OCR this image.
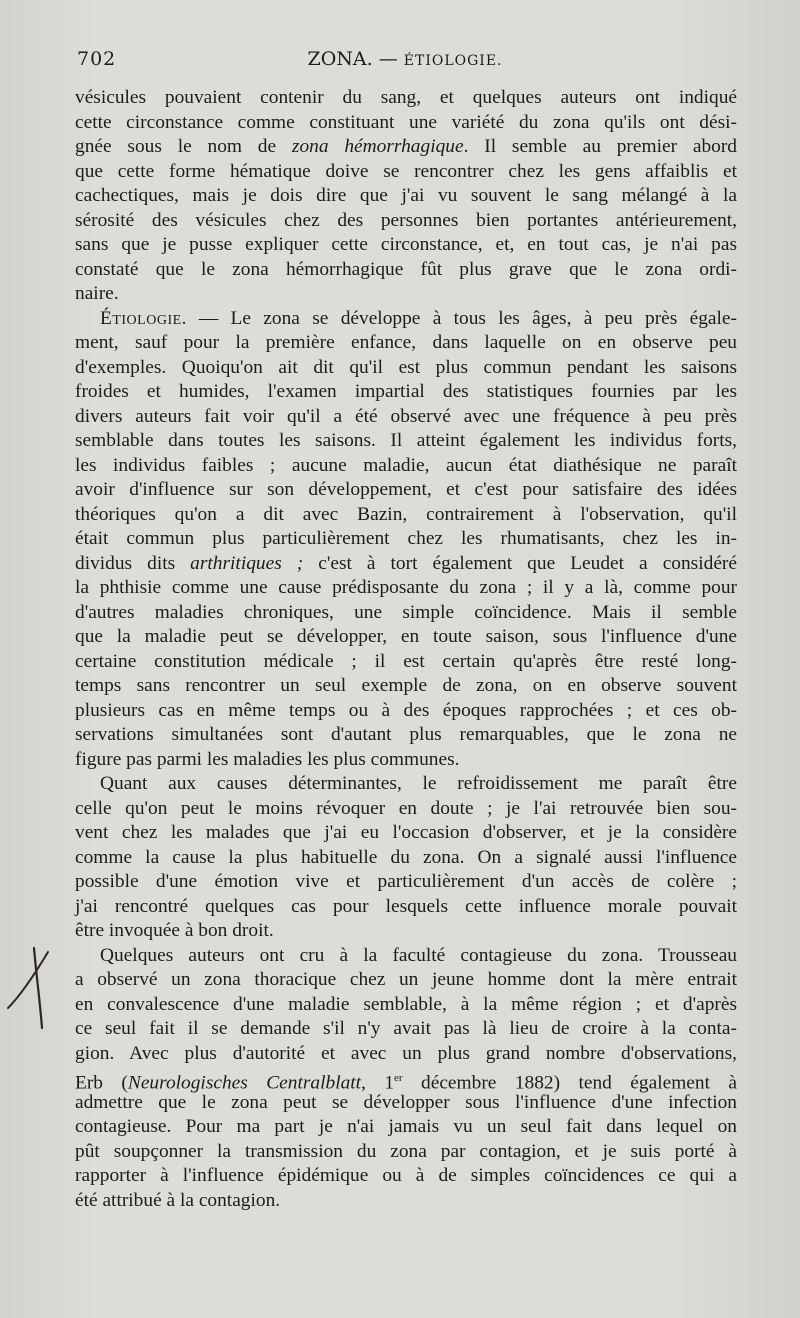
702	ZONA. — ÉTIOLOGIE.
vésicules pouvaient contenir du sang, et quelques auteurs ont indiqué
cette circonstance comme constituant une variété du zona qu'ils ont dési-
gnée sous le nom de zona hémorrhagique. Il semble au premier abord
que cette forme hématique doive se rencontrer chez les gens affaiblis et
cachectiques, mais je dois dire que j'ai vu souvent le sang mélangé à la
sérosité des vésicules chez des personnes bien portantes antérieurement,
sans que je pusse expliquer cette circonstance, et, en tout cas, je n'ai pas
constaté que le zona hémorrhagique fût plus grave que le zona ordi-
naire.
Étiologie. — Le zona se développe à tous les âges, à peu près égale-
ment, sauf pour la première enfance, dans laquelle on en observe peu
d'exemples. Quoiqu'on ait dit qu'il est plus commun pendant les saisons
froides et humides, l'examen impartial des statistiques fournies par les
divers auteurs fait voir qu'il a été observé avec une fréquence à peu près
semblable dans toutes les saisons. Il atteint également les individus forts,
les individus faibles ; aucune maladie, aucun état diathésique ne paraît
avoir d'influence sur son développement, et c'est pour satisfaire des idées
théoriques qu'on a dit avec Bazin, contrairement à l'observation, qu'il
était commun plus particulièrement chez les rhumatisants, chez les in-
dividus dits arthritiques ; c'est à tort également que Leudet a considéré
la phthisie comme une cause prédisposante du zona ; il y a là, comme pour
d'autres maladies chroniques, une simple coïncidence. Mais il semble
que la maladie peut se développer, en toute saison, sous l'influence d'une
certaine constitution médicale ; il est certain qu'après être resté long-
temps sans rencontrer un seul exemple de zona, on en observe souvent
plusieurs cas en même temps ou à des époques rapprochées ; et ces ob-
servations simultanées sont d'autant plus remarquables, que le zona ne
figure pas parmi les maladies les plus communes.
Quant aux causes déterminantes, le refroidissement me paraît être
celle qu'on peut le moins révoquer en doute ; je l'ai retrouvée bien sou-
vent chez les malades que j'ai eu l'occasion d'observer, et je la considère
comme la cause la plus habituelle du zona. On a signalé aussi l'influence
possible d'une émotion vive et particulièrement d'un accès de colère ;
j'ai rencontré quelques cas pour lesquels cette influence morale pouvait
être invoquée à bon droit.
Quelques auteurs ont cru à la faculté contagieuse du zona. Trousseau
a observé un zona thoracique chez un jeune homme dont la mère entrait
en convalescence d'une maladie semblable, à la même région ; et d'après
ce seul fait il se demande s'il n'y avait pas là lieu de croire à la conta-
gion. Avec plus d'autorité et avec un plus grand nombre d'observations,
Erb (Neurologisches Centralblatt, 1er décembre 1882) tend également à
admettre que le zona peut se développer sous l'influence d'une infection
contagieuse. Pour ma part je n'ai jamais vu un seul fait dans lequel on
pût soupçonner la transmission du zona par contagion, et je suis porté à
rapporter à l'influence épidémique ou à de simples coïncidences ce qui a
été attribué à la contagion.
